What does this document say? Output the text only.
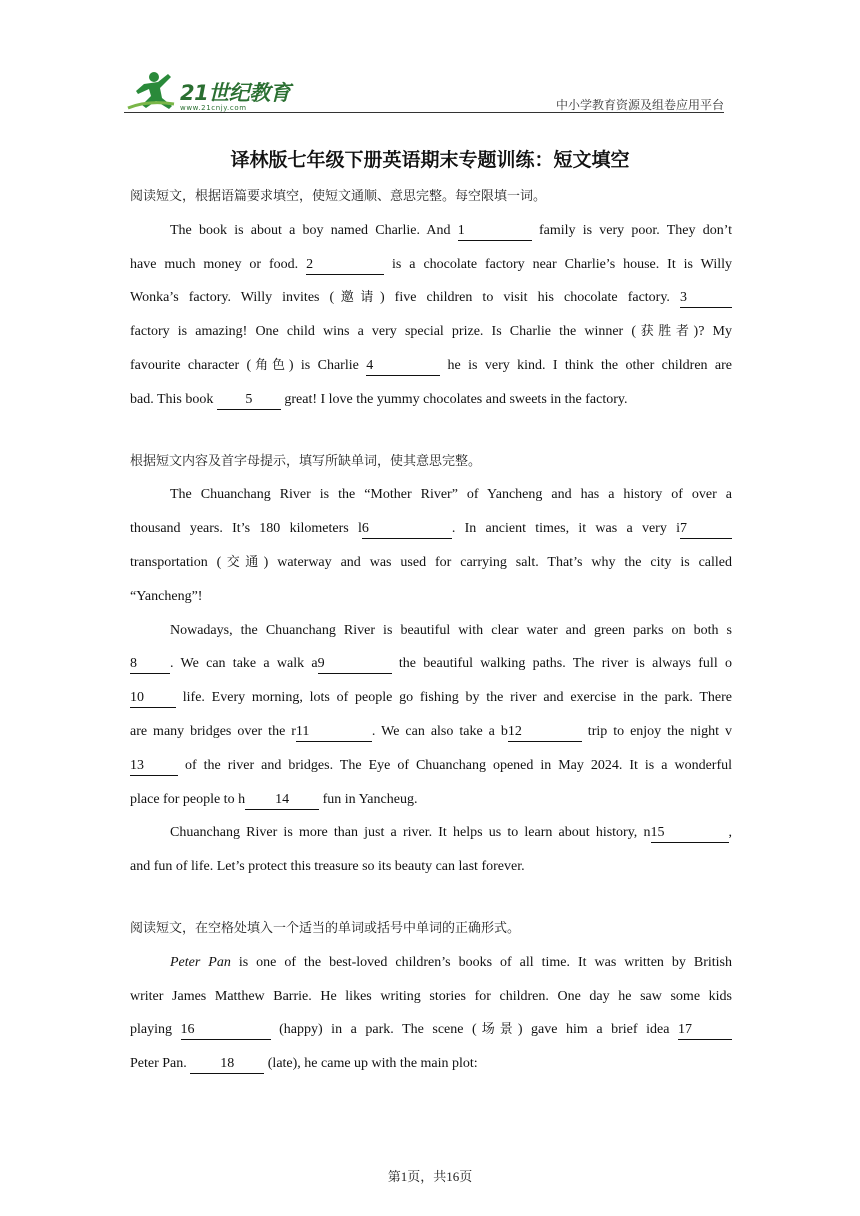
21世纪教育
www.21cnjy.com	中小学教育资源及组卷应用平台
译林版七年级下册英语期末专题训练：短文填空
阅读短文，根据语篇要求填空，使短文通顺、意思完整。每空限填一词。
The book is about a boy named Charlie. And 1	family is very poor. They don’t
have much money or food. 2	is a chocolate factory near Charlie’s house. It is Willy
Wonka’s factory. Willy invites (邀请) five children to visit his chocolate factory. 3
factory is amazing! One child wins a very special prize. Is Charlie the winner (获胜者)? My
favourite character (角色) is Charlie 4	he is very kind. I think the other children are
bad. This book 5 great! I love the yummy chocolates and sweets in the factory.
根据短文内容及首字母提示，填写所缺单词，使其意思完整。
The Chuanchang River is the “Mother River” of Yancheng and has a history of over a
thousand years. It’s 180 kilometers l6	. In ancient times, it was a very i7
transportation (交通) waterway and was used for carrying salt. That’s why the city is called
“Yancheng”!
Nowadays, the Chuanchang River is beautiful with clear water and green parks on both s
8 . We can take a walk a9	the beautiful walking paths. The river is always full o
10 life. Every morning, lots of people go fishing by the river and exercise in the park. There
are many bridges over the r11	. We can also take a b12	trip to enjoy the night v
13 of the river and bridges. The Eye of Chuanchang opened in May 2024. It is a wonderful
place for people to h 14 fun in Yancheug.
Chuanchang River is more than just a river. It helps us to learn about history, n15	,
and fun of life. Let’s protect this treasure so its beauty can last forever.
阅读短文，在空格处填入一个适当的单词或括号中单词的正确形式。
Peter Pan is one of the best-loved children’s books of all time. It was written by British
writer James Matthew Barrie. He likes writing stories for children. One day he saw some kids
playing 16	(happy) in a park. The scene (场景) gave him a brief idea 17
Peter Pan. 18 (late), he came up with the main plot:
第1页，共16页
